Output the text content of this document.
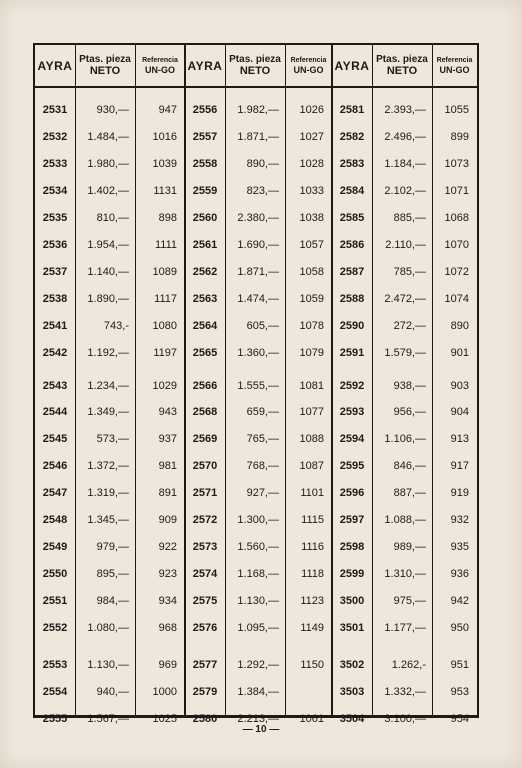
AYRA Ptas. pieza
NETO
Referencia
UN-GO
2531	930,—	947
2532	1.484,—	1016
2533	1.980,—	1039
2534	1.402,—	1131
2535	810,—	898
2536	1.954,—	1111
2537	1.140,—	1089
2538	1.890,—	1117
2541	743,-	1080
2542	1.192,—	1197
2543	1.234,—	1029
2544	1.349,—	943
2545	573,—	937
2546	1.372,—	981
2547	1.319,—	891
2548	1.345,—	909
2549	979,—	922
2550	895,—	923
2551	984,—	934
2552	1.080,—	968
2553	1.130,—	969
2554	940,—	1000
2555	1.567,—	1025
AYRA Ptas. pieza
NETO
Referencia
UN-GO
2556	1.982,—	1026
2557	1.871,—	1027
2558	890,—	1028
2559	823,—	1033
2560	2.380,—	1038
2561	1.690,—	1057
2562	1.871,—	1058
2563	1.474,—	1059
2564	605,—	1078
2565	1.360,—	1079
2566	1.555,—	1081
2568	659,—	1077
2569	765,—	1088
2570	768,—	1087
2571	927,—	1101
2572	1.300,—	1115
2573	1.560,—	1116
2574	1.168,—	1118
2575	1.130,—	1123
2576	1.095,—	1149
2577	1.292,—	1150
2579	1.384,—
2580	2.213,—	1061
AYRA Ptas. pieza
NETO
Referencia
UN-GO
2581	2.393,—	1055
2582	2.496,—	899
2583	1.184,—	1073
2584	2.102,—	1071
2585	885,—	1068
2586	2.110,—	1070
2587	785,—	1072
2588	2.472,—	1074
2590	272,—	890
2591	1.579,—	901
2592	938,—	903
2593	956,—	904
2594	1.106,—	913
2595	846,—	917
2596	887,—	919
2597	1.088,—	932
2598	989,—	935
2599	1.310,—	936
3500	975,—	942
3501	1.177,—	950
3502	1.262,-	951
3503	1.332,—	953
3504	3.100,—	954
— 10 —
